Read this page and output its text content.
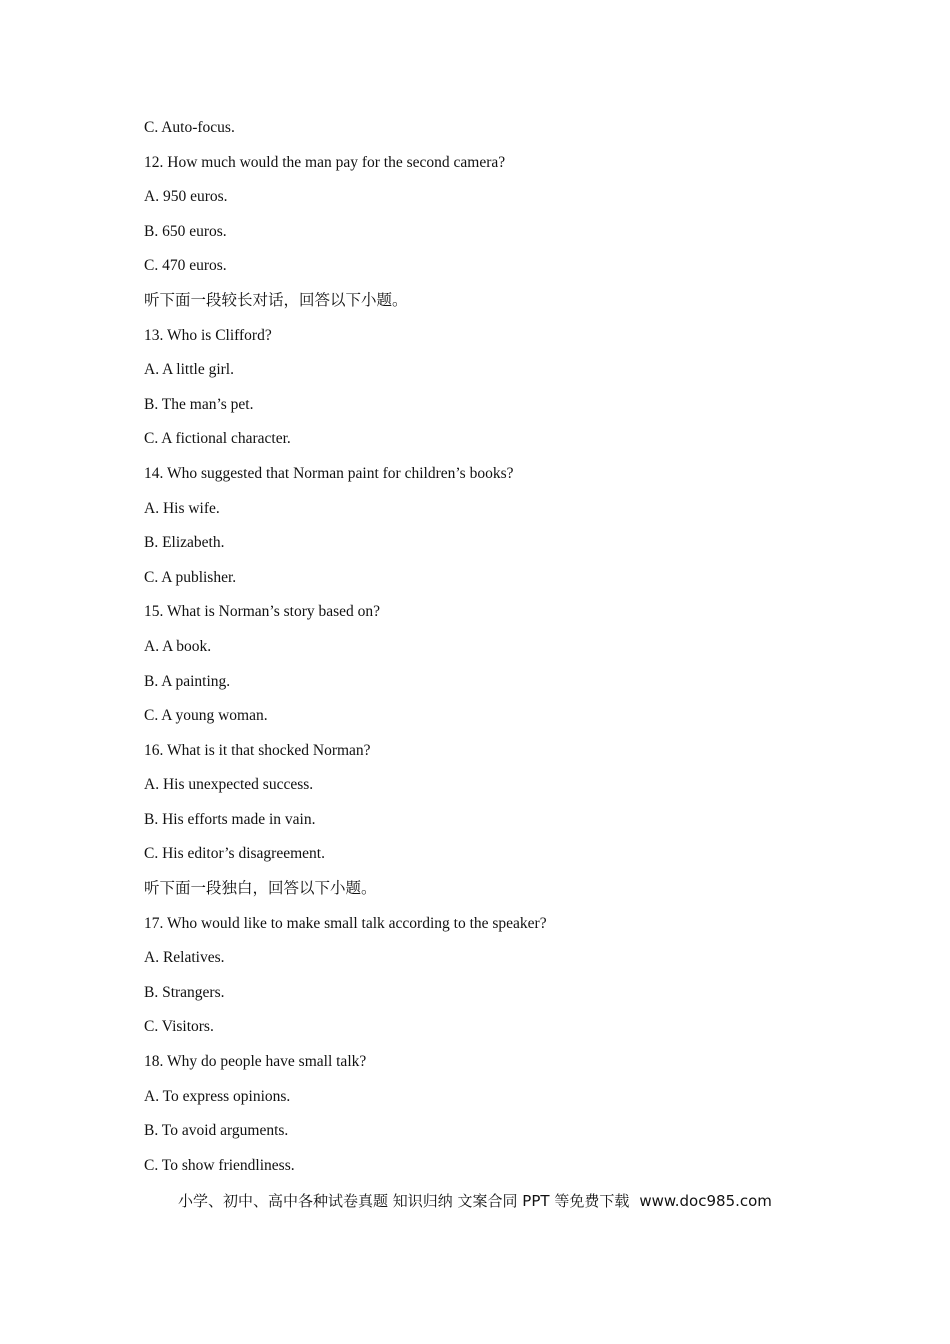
C. Auto-focus.
12. How much would the man pay for the second camera?
A. 950 euros.
B. 650 euros.
C. 470 euros.
听下面一段较长对话，回答以下小题。
13. Who is Clifford?
A. A little girl.
B. The man’s pet.
C. A fictional character.
14. Who suggested that Norman paint for children’s books?
A. His wife.
B. Elizabeth.
C. A publisher.
15. What is Norman’s story based on?
A. A book.
B. A painting.
C. A young woman.
16. What is it that shocked Norman?
A. His unexpected success.
B. His efforts made in vain.
C. His editor’s disagreement.
听下面一段独白，回答以下小题。
17. Who would like to make small talk according to the speaker?
A. Relatives.
B. Strangers.
C. Visitors.
18. Why do people have small talk?
A. To express opinions.
B. To avoid arguments.
C. To show friendliness.
小学、初中、高中各种试卷真题 知识归纳 文案合同 PPT 等免费下载 www.doc985.com
